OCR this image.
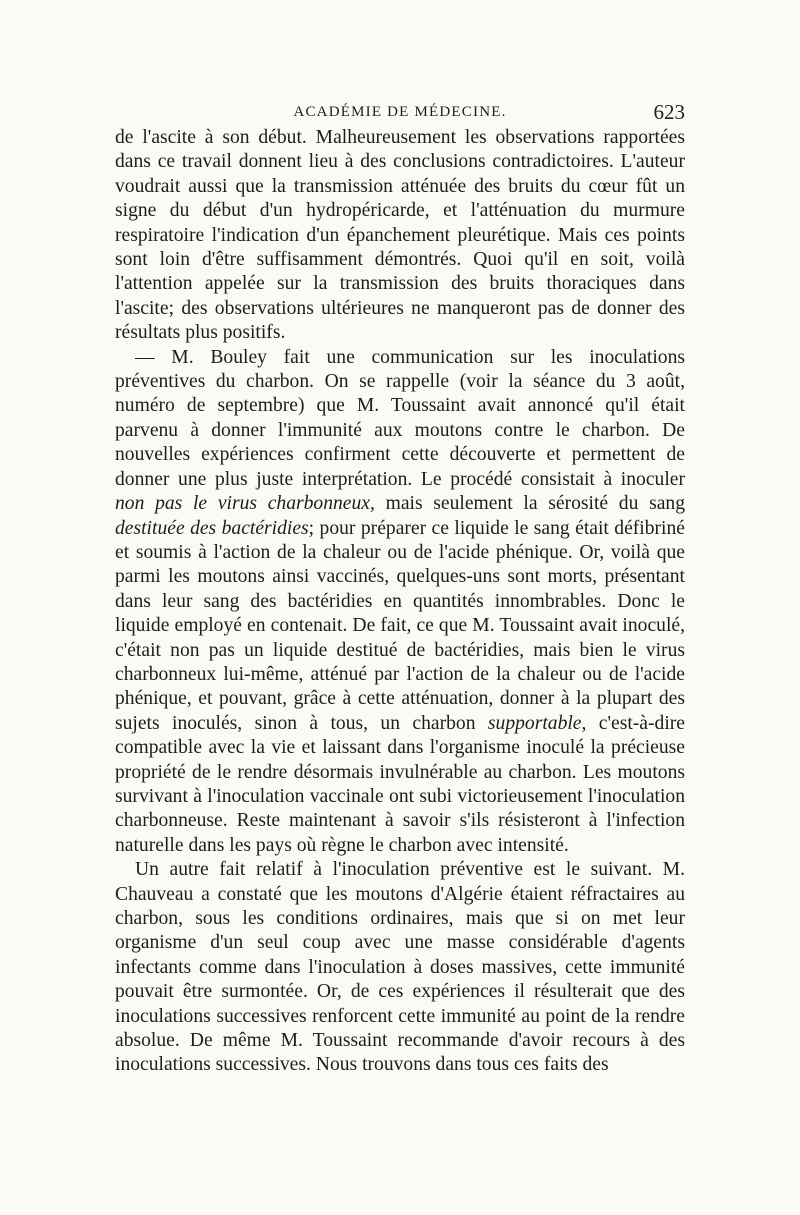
ACADÉMIE DE MÉDECINE.	623

de l'ascite à son début. Malheureusement les observations rapportées dans ce travail donnent lieu à des conclusions contradictoires. L'auteur voudrait aussi que la transmission atténuée des bruits du cœur fût un signe du début d'un hydropéricarde, et l'atténuation du murmure respiratoire l'indication d'un épanchement pleurétique. Mais ces points sont loin d'être suffisamment démontrés. Quoi qu'il en soit, voilà l'attention appelée sur la transmission des bruits thoraciques dans l'ascite; des observations ultérieures ne manqueront pas de donner des résultats plus positifs.

— M. Bouley fait une communication sur les inoculations préventives du charbon. On se rappelle (voir la séance du 3 août, numéro de septembre) que M. Toussaint avait annoncé qu'il était parvenu à donner l'immunité aux moutons contre le charbon. De nouvelles expériences confirment cette découverte et permettent de donner une plus juste interprétation. Le procédé consistait à inoculer non pas le virus charbonneux, mais seulement la sérosité du sang destituée des bactéridies; pour préparer ce liquide le sang était défibriné et soumis à l'action de la chaleur ou de l'acide phénique. Or, voilà que parmi les moutons ainsi vaccinés, quelques-uns sont morts, présentant dans leur sang des bactéridies en quantités innombrables. Donc le liquide employé en contenait. De fait, ce que M. Toussaint avait inoculé, c'était non pas un liquide destitué de bactéridies, mais bien le virus charbonneux lui-même, atténué par l'action de la chaleur ou de l'acide phénique, et pouvant, grâce à cette atténuation, donner à la plupart des sujets inoculés, sinon à tous, un charbon supportable, c'est-à-dire compatible avec la vie et laissant dans l'organisme inoculé la précieuse propriété de le rendre désormais invulnérable au charbon. Les moutons survivant à l'inoculation vaccinale ont subi victorieusement l'inoculation charbonneuse. Reste maintenant à savoir s'ils résisteront à l'infection naturelle dans les pays où règne le charbon avec intensité.

Un autre fait relatif à l'inoculation préventive est le suivant. M. Chauveau a constaté que les moutons d'Algérie étaient réfractaires au charbon, sous les conditions ordinaires, mais que si on met leur organisme d'un seul coup avec une masse considérable d'agents infectants comme dans l'inoculation à doses massives, cette immunité pouvait être surmontée. Or, de ces expériences il résulterait que des inoculations successives renforcent cette immunité au point de la rendre absolue. De même M. Toussaint recommande d'avoir recours à des inoculations successives. Nous trouvons dans tous ces faits des
